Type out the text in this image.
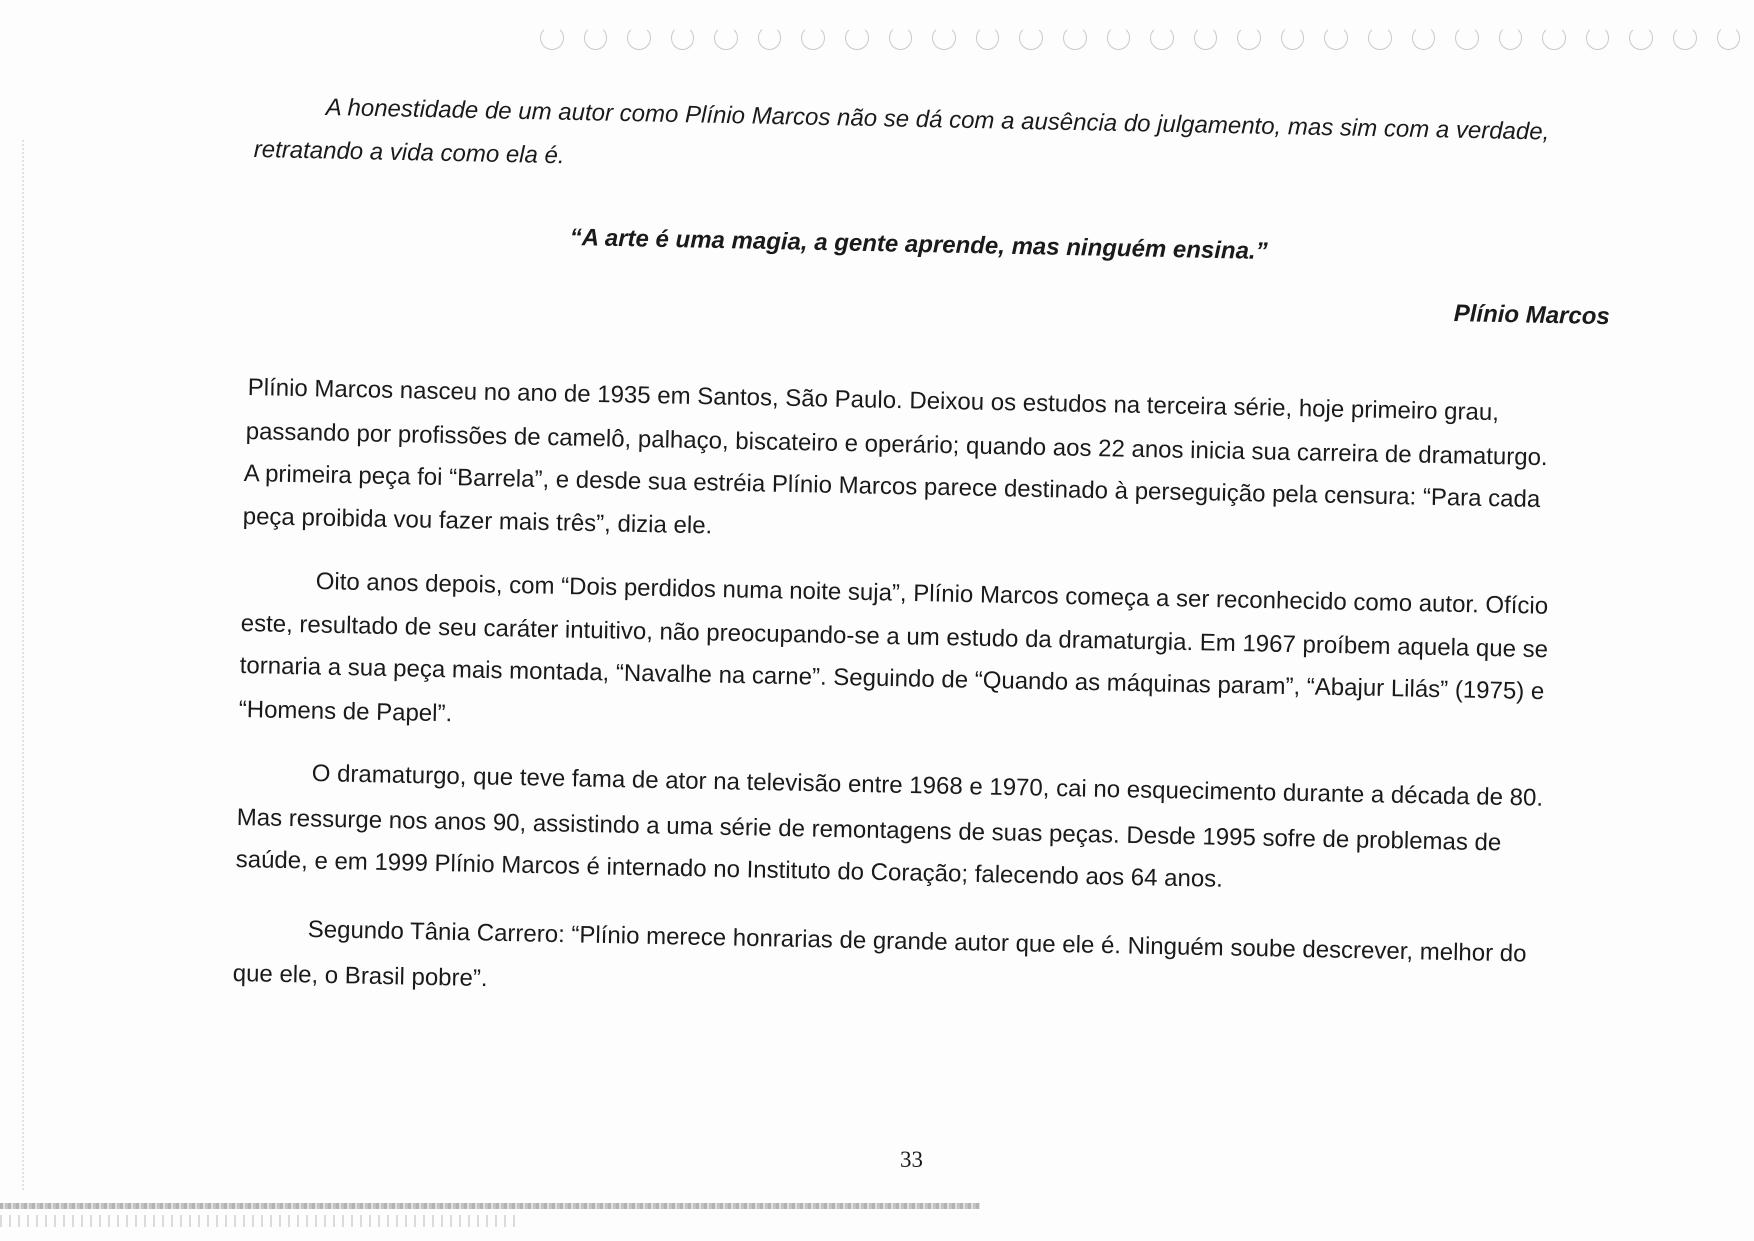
A honestidade de um autor como Plínio Marcos não se dá com a ausência do julgamento, mas sim com a verdade,
retratando a vida como ela é.
“A arte é uma magia, a gente aprende, mas ninguém ensina.”
Plínio Marcos
Plínio Marcos nasceu no ano de 1935 em Santos, São Paulo. Deixou os estudos na terceira série, hoje primeiro grau,
passando por profissões de camelô, palhaço, biscateiro e operário; quando aos 22 anos inicia sua carreira de dramaturgo.
A primeira peça foi “Barrela”, e desde sua estréia Plínio Marcos parece destinado à perseguição pela censura: “Para cada
peça proibida vou fazer mais três”, dizia ele.
Oito anos depois, com “Dois perdidos numa noite suja”, Plínio Marcos começa a ser reconhecido como autor. Ofício
este, resultado de seu caráter intuitivo, não preocupando-se a um estudo da dramaturgia. Em 1967 proíbem aquela que se
tornaria a sua peça mais montada, “Navalhe na carne”. Seguindo de “Quando as máquinas param”, “Abajur Lilás” (1975) e
“Homens de Papel”.
O dramaturgo, que teve fama de ator na televisão entre 1968 e 1970, cai no esquecimento durante a década de 80.
Mas ressurge nos anos 90, assistindo a uma série de remontagens de suas peças. Desde 1995 sofre de problemas de
saúde, e em 1999 Plínio Marcos é internado no Instituto do Coração; falecendo aos 64 anos.
Segundo Tânia Carrero: “Plínio merece honrarias de grande autor que ele é. Ninguém soube descrever, melhor do
que ele, o Brasil pobre”.
33
